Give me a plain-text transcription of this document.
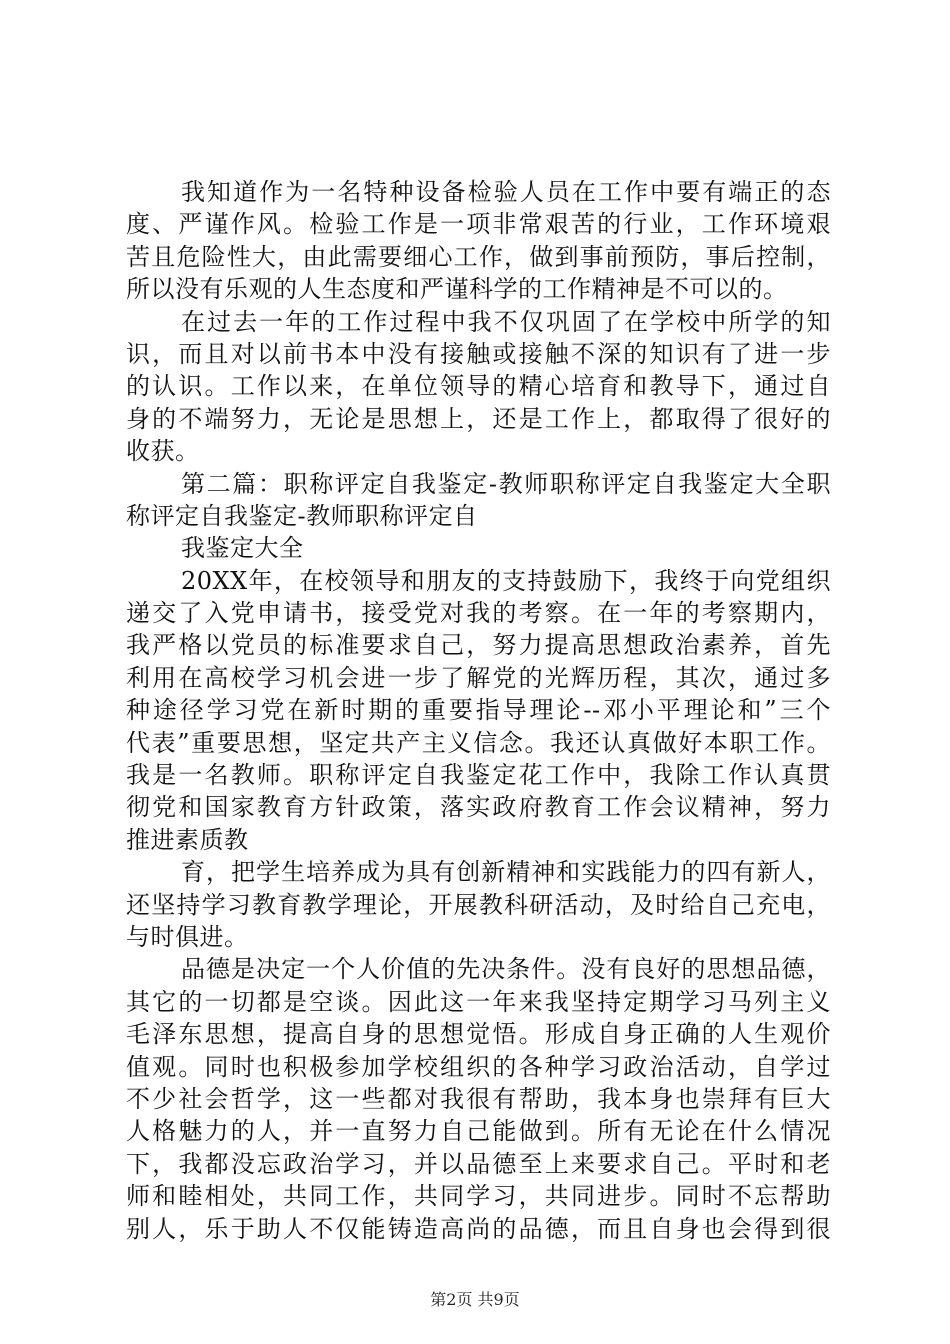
我知道作为一名特种设备检验人员在工作中要有端正的态
度、严谨作风。检验工作是一项非常艰苦的行业，工作环境艰
苦且危险性大，由此需要细心工作，做到事前预防，事后控制，
所以没有乐观的人生态度和严谨科学的工作精神是不可以的。
在过去一年的工作过程中我不仅巩固了在学校中所学的知
识，而且对以前书本中没有接触或接触不深的知识有了进一步
的认识。工作以来，在单位领导的精心培育和教导下，通过自
身的不端努力，无论是思想上，还是工作上，都取得了很好的
收获。
第二篇：职称评定自我鉴定-教师职称评定自我鉴定大全职
称评定自我鉴定-教师职称评定自
我鉴定大全
20XX年，在校领导和朋友的支持鼓励下，我终于向党组织
递交了入党申请书，接受党对我的考察。在一年的考察期内，
我严格以党员的标准要求自己，努力提高思想政治素养，首先
利用在高校学习机会进一步了解党的光辉历程，其次，通过多
种途径学习党在新时期的重要指导理论--邓小平理论和”三个
代表”重要思想，坚定共产主义信念。我还认真做好本职工作。
我是一名教师。职称评定自我鉴定花工作中，我除工作认真贯
彻党和国家教育方针政策，落实政府教育工作会议精神，努力
推进素质教
育，把学生培养成为具有创新精神和实践能力的四有新人，
还坚持学习教育教学理论，开展教科研活动，及时给自己充电，
与时俱进。
品德是决定一个人价值的先决条件。没有良好的思想品德，
其它的一切都是空谈。因此这一年来我坚持定期学习马列主义
毛泽东思想，提高自身的思想觉悟。形成自身正确的人生观价
值观。同时也积极参加学校组织的各种学习政治活动，自学过
不少社会哲学，这一些都对我很有帮助，我本身也崇拜有巨大
人格魅力的人，并一直努力自己能做到。所有无论在什么情况
下，我都没忘政治学习，并以品德至上来要求自己。平时和老
师和睦相处，共同工作，共同学习，共同进步。同时不忘帮助
别人，乐于助人不仅能铸造高尚的品德，而且自身也会得到很
第2页 共9页
